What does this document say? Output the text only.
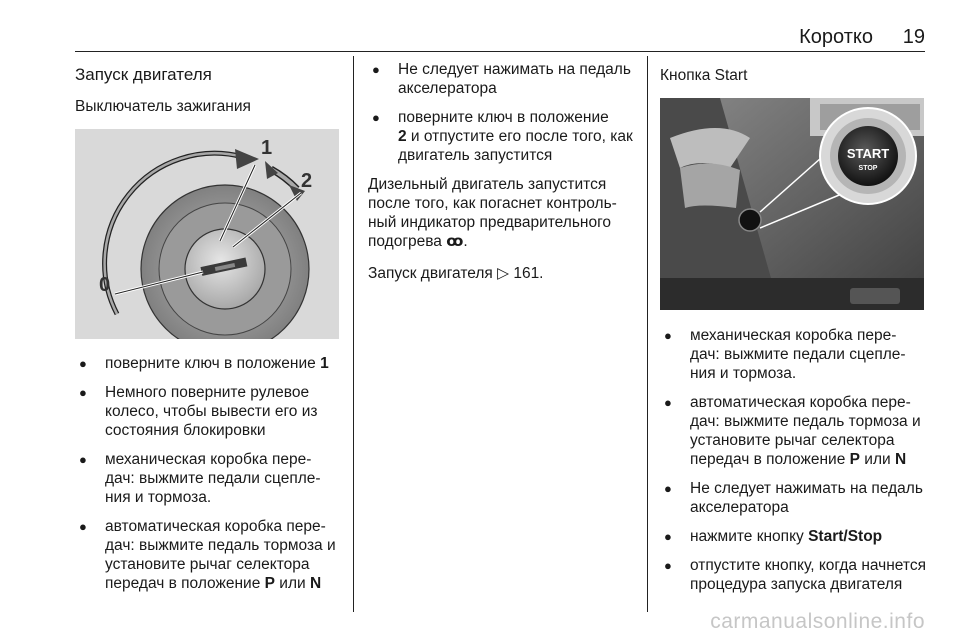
Коротко 19
Запуск двигателя
Выключатель зажигания
1
2
0
● поверните ключ в положение 1
● Немного поверните рулевое колесо, чтобы вывести его из состояния блокировки
● механическая коробка пере- дач: выжмите педали сцепле- ния и тормоза.
● автоматическая коробка пере- дач: выжмите педаль тормоза и установите рычаг селектора передач в положение P или N
● Не следует нажимать на педаль акселератора
● поверните ключ в положение
2 и отпустите его после того, как двигатель запустится

Дизельный двигатель запустится после того, как погаснет контроль- ный индикатор предварительного подогрева ꝏ.

Запуск двигателя ▷ 161.

Кнопка Start
START
STOP
● механическая коробка пере- дач: выжмите педали сцепле- ния и тормоза.
● автоматическая коробка пере- дач: выжмите педаль тормоза и установите рычаг селектора передач в положение P или N
● Не следует нажимать на педаль акселератора
● нажмите кнопку Start/Stop
● отпустите кнопку, когда начнется процедура запуска двигателя
carmanualsonline.info
